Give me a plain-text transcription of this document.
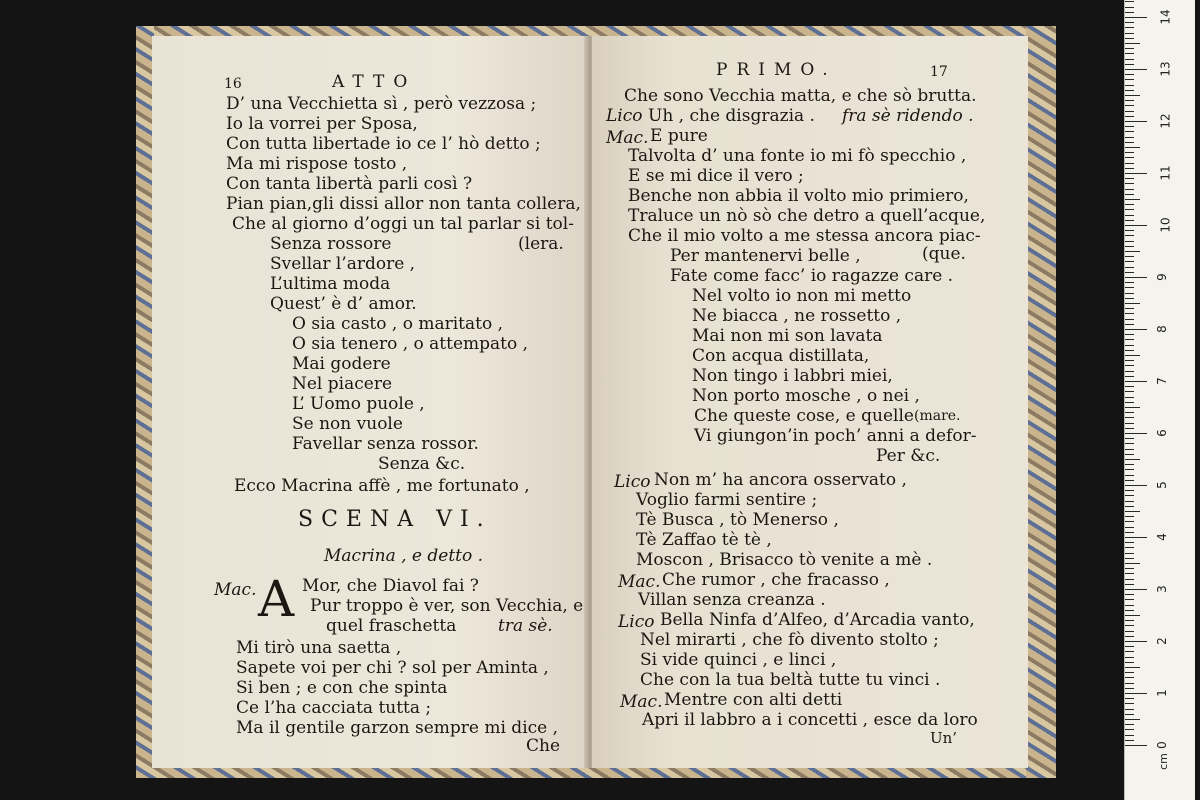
16	ATTO
D’ una Vecchietta sì , però vezzosa ;
Io la vorrei per Sposa,
Con tutta libertade io ce l’ hò detto ;
Ma mi rispose tosto ,
Con tanta libertà parli così ?
Pian pian,gli dissi allor non tanta collera,
Che al giorno d’oggi un tal parlar si tol-
Senza rossore	(lera.
Svellar l’ardore ,
L’ultima moda
Quest’ è d’ amor.
O sia casto , o maritato ,
O sia tenero , o attempato ,
Mai godere
Nel piacere
L’ Uomo puole ,
Se non vuole
Favellar senza rossor.
Senza &c.
Ecco Macrina affè , me fortunato ,
SCENA VI.
Macrina , e detto .
Mac. A Mor, che Diavol fai ?
Pur troppo è ver, son Vecchia, e
quel fraschetta tra sè.
Mi tirò una saetta ,
Sapete voi per chi ? sol per Aminta ,
Si ben ; e con che spinta
Ce l’ha cacciata tutta ;
Ma il gentile garzon sempre mi dice ,
Che
PRIMO.	17
Che sono Vecchia matta, e che sò brutta.
Lico Uh , che disgrazia . fra sè ridendo .
Mac. E pure
Talvolta d’ una fonte io mi fò specchio ,
E se mi dice il vero ;
Benche non abbia il volto mio primiero,
Traluce un nò sò che detro a quell’acque,
Che il mio volto a me stessa ancora piac-
Per mantenervi belle ,	(que.
Fate come facc’ io ragazze care .
Nel volto io non mi metto
Ne biacca , ne rossetto ,
Mai non mi son lavata
Con acqua distillata,
Non tingo i labbri miei,
Non porto mosche , o nei ,
Che queste cose, e quelle (mare.
Vi giungon’in poch’ anni a defor-
Per &c.
Lico Non m’ ha ancora osservato ,
Voglio farmi sentire ;
Tè Busca , tò Menerso ,
Tè Zaffao tè tè ,
Moscon , Brisacco tò venite a mè .
Mac. Che rumor , che fracasso ,
Villan senza creanza .
Lico Bella Ninfa d’Alfeo, d’Arcadia vanto,
Nel mirarti , che fò divento stolto ;
Si vide quinci , e linci ,
Che con la tua beltà tutte tu vinci .
Mac. Mentre con alti detti
Apri il labbro a i concetti , esce da loro
Un’
cm
0
1
2
3
4
5
6
7
8
9
10
11
12
13
14
